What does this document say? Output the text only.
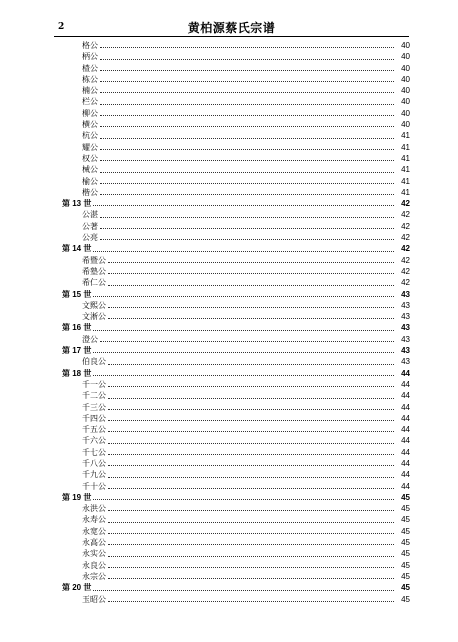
2	黄柏源蔡氏宗谱
格公	40
柄公	40
楂公	40
栋公	40
楠公	40
栏公	40
柳公	40
横公	40
杭公	41
耀公	41
权公	41
械公	41
榆公	41
楷公	41
第 13 世	42
公湛	42
公著	42
公亮	42
第 14 世	42
希暨公	42
希塾公	42
希仁公	42
第 15 世	43
文熙公	43
文淅公	43
第 16 世	43
澄公	43
第 17 世	43
伯良公	43
第 18 世	44
千一公	44
千二公	44
千三公	44
千四公	44
千五公	44
千六公	44
千七公	44
千八公	44
千九公	44
千十公	44
第 19 世	45
永洪公	45
永寿公	45
永宽公	45
永高公	45
永实公	45
永良公	45
永宗公	45
第 20 世	45
玉昭公	45
